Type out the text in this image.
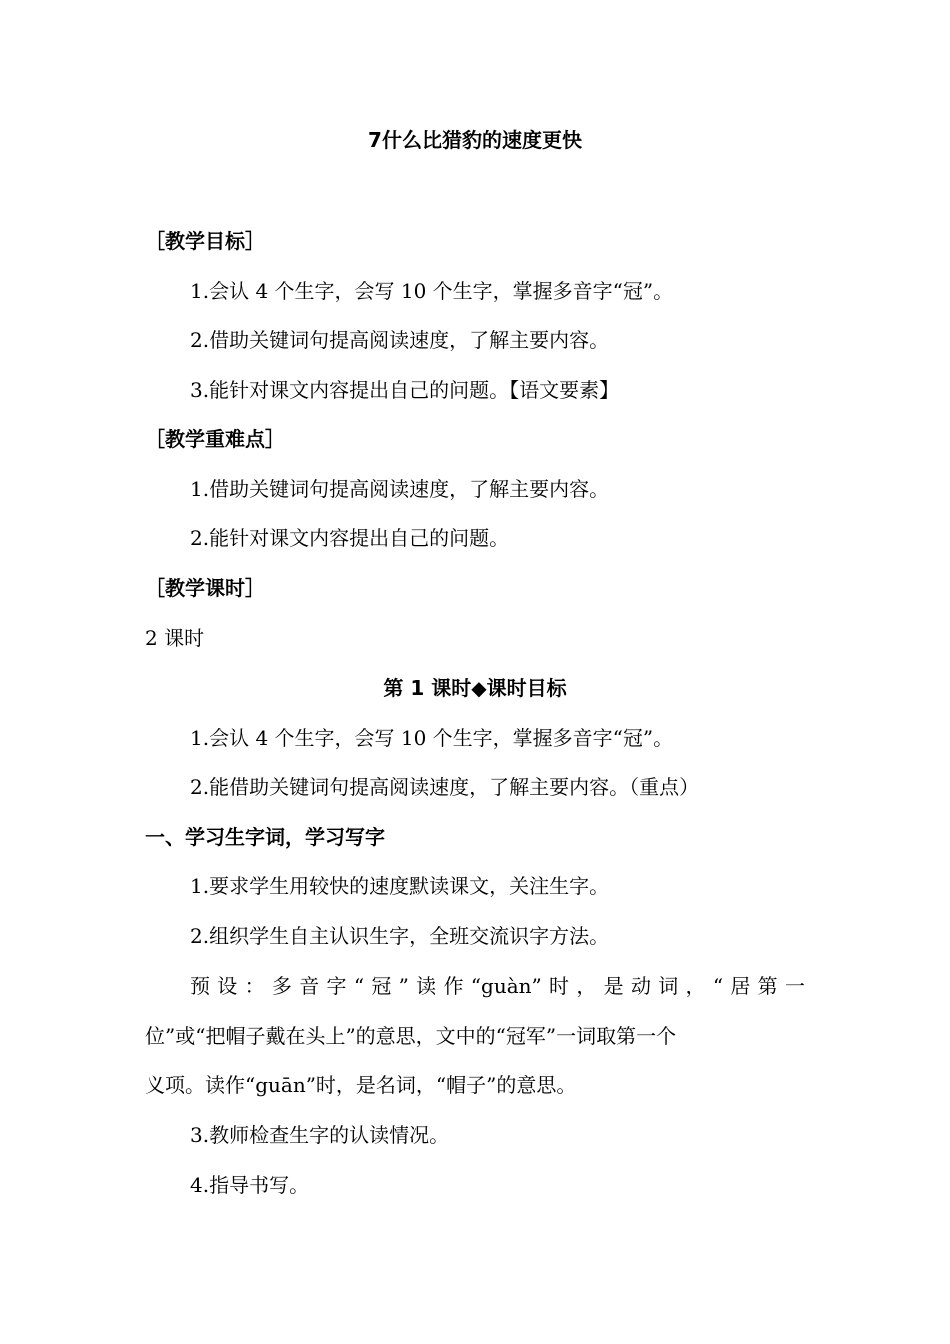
7什么比猎豹的速度更快
［教学目标］
1.会认 4 个生字，会写 10 个生字，掌握多音字“冠”。
2.借助关键词句提高阅读速度，了解主要内容。
3.能针对课文内容提出自己的问题。【语文要素】
［教学重难点］
1.借助关键词句提高阅读速度，了解主要内容。
2.能针对课文内容提出自己的问题。
［教学课时］
2 课时
第 1 课时◆课时目标
1.会认 4 个生字，会写 10 个生字，掌握多音字“冠”。
2.能借助关键词句提高阅读速度，了解主要内容。（重点）
一、学习生字词，学习写字
1.要求学生用较快的速度默读课文，关注生字。
2.组织学生自主认识生字，全班交流识字方法。
预设：多音字“冠”读作“guàn”时，是动词，“居第一
位”或“把帽子戴在头上”的意思，文中的“冠军”一词取第一个
义项。读作“guān”时，是名词，“帽子”的意思。
3.教师检查生字的认读情况。
4.指导书写。
